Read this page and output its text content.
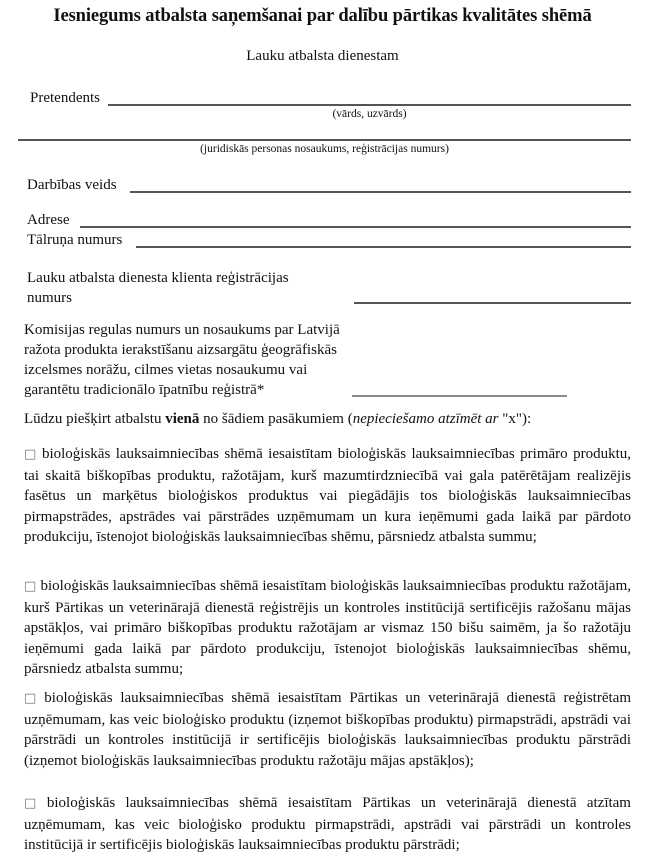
Iesniegums atbalsta saņemšanai par dalību pārtikas kvalitātes shēmā
Lauku atbalsta dienestam
Pretendents
(vārds, uzvārds)
(juridiskās personas nosaukums, reģistrācijas numurs)
Darbības veids
Adrese
Tālruņa numurs
Lauku atbalsta dienesta klienta reģistrācijas
numurs
Komisijas regulas numurs un nosaukums par Latvijā
ražota produkta ierakstīšanu aizsargātu ģeogrāfiskās
izcelsmes norāžu, cilmes vietas nosaukumu vai
garantētu tradicionālo īpatnību reģistrā*
Lūdzu piešķirt atbalstu vienā no šādiem pasākumiem (nepieciešamo atzīmēt ar "x"):
□ bioloģiskās lauksaimniecības shēmā iesaistītam bioloģiskās lauksaimniecības primāro produktu, tai skaitā biškopības produktu, ražotājam, kurš mazumtirdzniecībā vai gala patērētājam realizējis fasētus un marķētus bioloģiskos produktus vai piegādājis tos bioloģiskās lauksaimniecības pirmapstrādes, apstrādes vai pārstrādes uzņēmumam un kura ieņēmumi gada laikā par pārdoto produkciju, īstenojot bioloģiskās lauksaimniecības shēmu, pārsniedz atbalsta summu;
□ bioloģiskās lauksaimniecības shēmā iesaistītam bioloģiskās lauksaimniecības produktu ražotājam, kurš Pārtikas un veterinārajā dienestā reģistrējis un kontroles institūcijā sertificējis ražošanu mājas apstākļos, vai primāro biškopības produktu ražotājam ar vismaz 150 bišu saimēm, ja šo ražotāju ieņēmumi gada laikā par pārdoto produkciju, īstenojot bioloģiskās lauksaimniecības shēmu, pārsniedz atbalsta summu;
□ bioloģiskās lauksaimniecības shēmā iesaistītam Pārtikas un veterinārajā dienestā reģistrētam uzņēmumam, kas veic bioloģisko produktu (izņemot biškopības produktu) pirmapstrādi, apstrādi vai pārstrādi un kontroles institūcijā ir sertificējis bioloģiskās lauksaimniecības produktu pārstrādi (izņemot bioloģiskās lauksaimniecības produktu ražotāju mājas apstākļos);
□ bioloģiskās lauksaimniecības shēmā iesaistītam Pārtikas un veterinārajā dienestā atzītam uzņēmumam, kas veic bioloģisko produktu pirmapstrādi, apstrādi vai pārstrādi un kontroles institūcijā ir sertificējis bioloģiskās lauksaimniecības produktu pārstrādi;
